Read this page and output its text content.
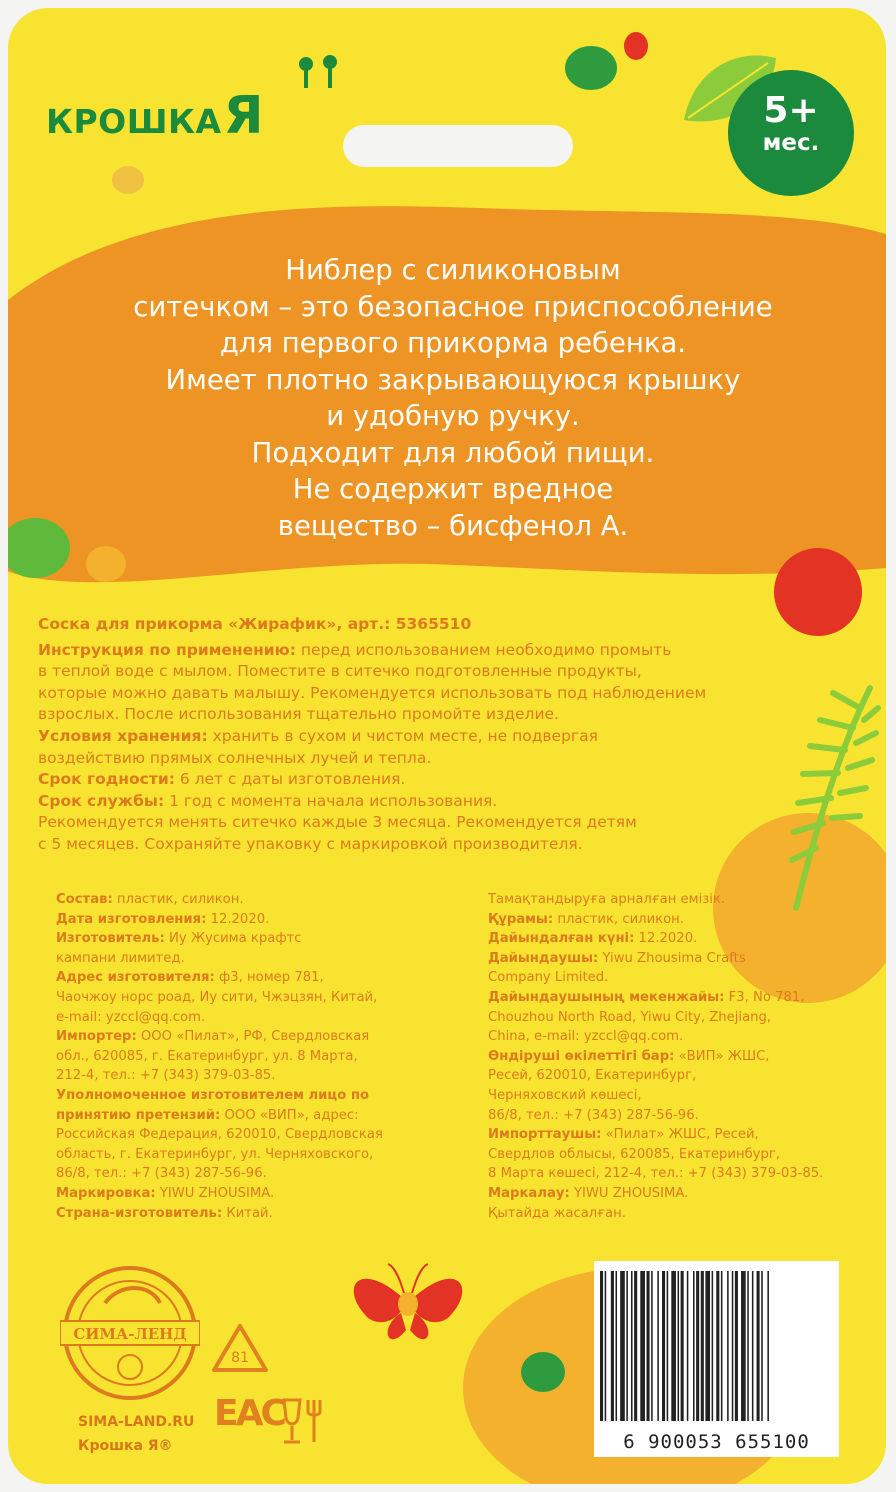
КРОШКАЯ	5+
мес.
Ниблер с силиконовым
ситечком – это безопасное приспособление
для первого прикорма ребенка.
Имеет плотно закрывающуюся крышку
и удобную ручку.
Подходит для любой пищи.
Не содержит вредное
вещество – бисфенол А.
Соска для прикорма «Жирафик», арт.: 5365510
Инструкция по применению: перед использованием необходимо промыть
в теплой воде с мылом. Поместите в ситечко подготовленные продукты,
которые можно давать малышу. Рекомендуется использовать под наблюдением
взрослых. После использования тщательно промойте изделие.
Условия хранения: хранить в сухом и чистом месте, не подвергая
воздействию прямых солнечных лучей и тепла.
Срок годности: 6 лет с даты изготовления.
Срок службы: 1 год с момента начала использования.
Рекомендуется менять ситечко каждые 3 месяца. Рекомендуется детям
с 5 месяцев. Сохраняйте упаковку с маркировкой производителя.
Состав: пластик, силикон.
Дата изготовления: 12.2020.
Изготовитель: Иу Жусима крафтс
кампани лимитед.
Адрес изготовителя: ф3, номер 781,
Чаочжоу норс роад, Иу сити, Чжэцзян, Китай,
e-mail: yzccl@qq.com.
Импортер: ООО «Пилат», РФ, Свердловская
обл., 620085, г. Екатеринбург, ул. 8 Марта,
212-4, тел.: +7 (343) 379-03-85.
Уполномоченное изготовителем лицо по
принятию претензий: ООО «ВИП», адрес:
Российская Федерация, 620010, Свердловская
область, г. Екатеринбург, ул. Черняховского,
86/8, тел.: +7 (343) 287-56-96.
Маркировка: YIWU ZHOUSIMA.
Страна-изготовитель: Китай.
Тамақтандыруға арналған емізік.
Құрамы: пластик, силикон.
Дайындалған күні: 12.2020.
Дайындаушы: Yiwu Zhousima Crafts
Company Limited.
Дайындаушының мекенжайы: F3, No 781,
Chouzhou North Road, Yiwu City, Zhejiang,
China, e-mail: yzccl@qq.com.
Өндіруші өкілеттігі бар: «ВИП» ЖШС,
Ресей, 620010, Екатеринбург,
Черняховский көшесі,
86/8, тел.: +7 (343) 287-56-96.
Импорттаушы: «Пилат» ЖШС, Ресей,
Свердлов облысы, 620085, Екатеринбург,
8 Марта көшесі, 212-4, тел.: +7 (343) 379-03-85.
Маркалау: YIWU ZHOUSIMA.
Қытайда жасалған.
СИМА-ЛЕНД
81
ЕАС
SIMA-LAND.RU
Крошка Я®	6 900053 655100
